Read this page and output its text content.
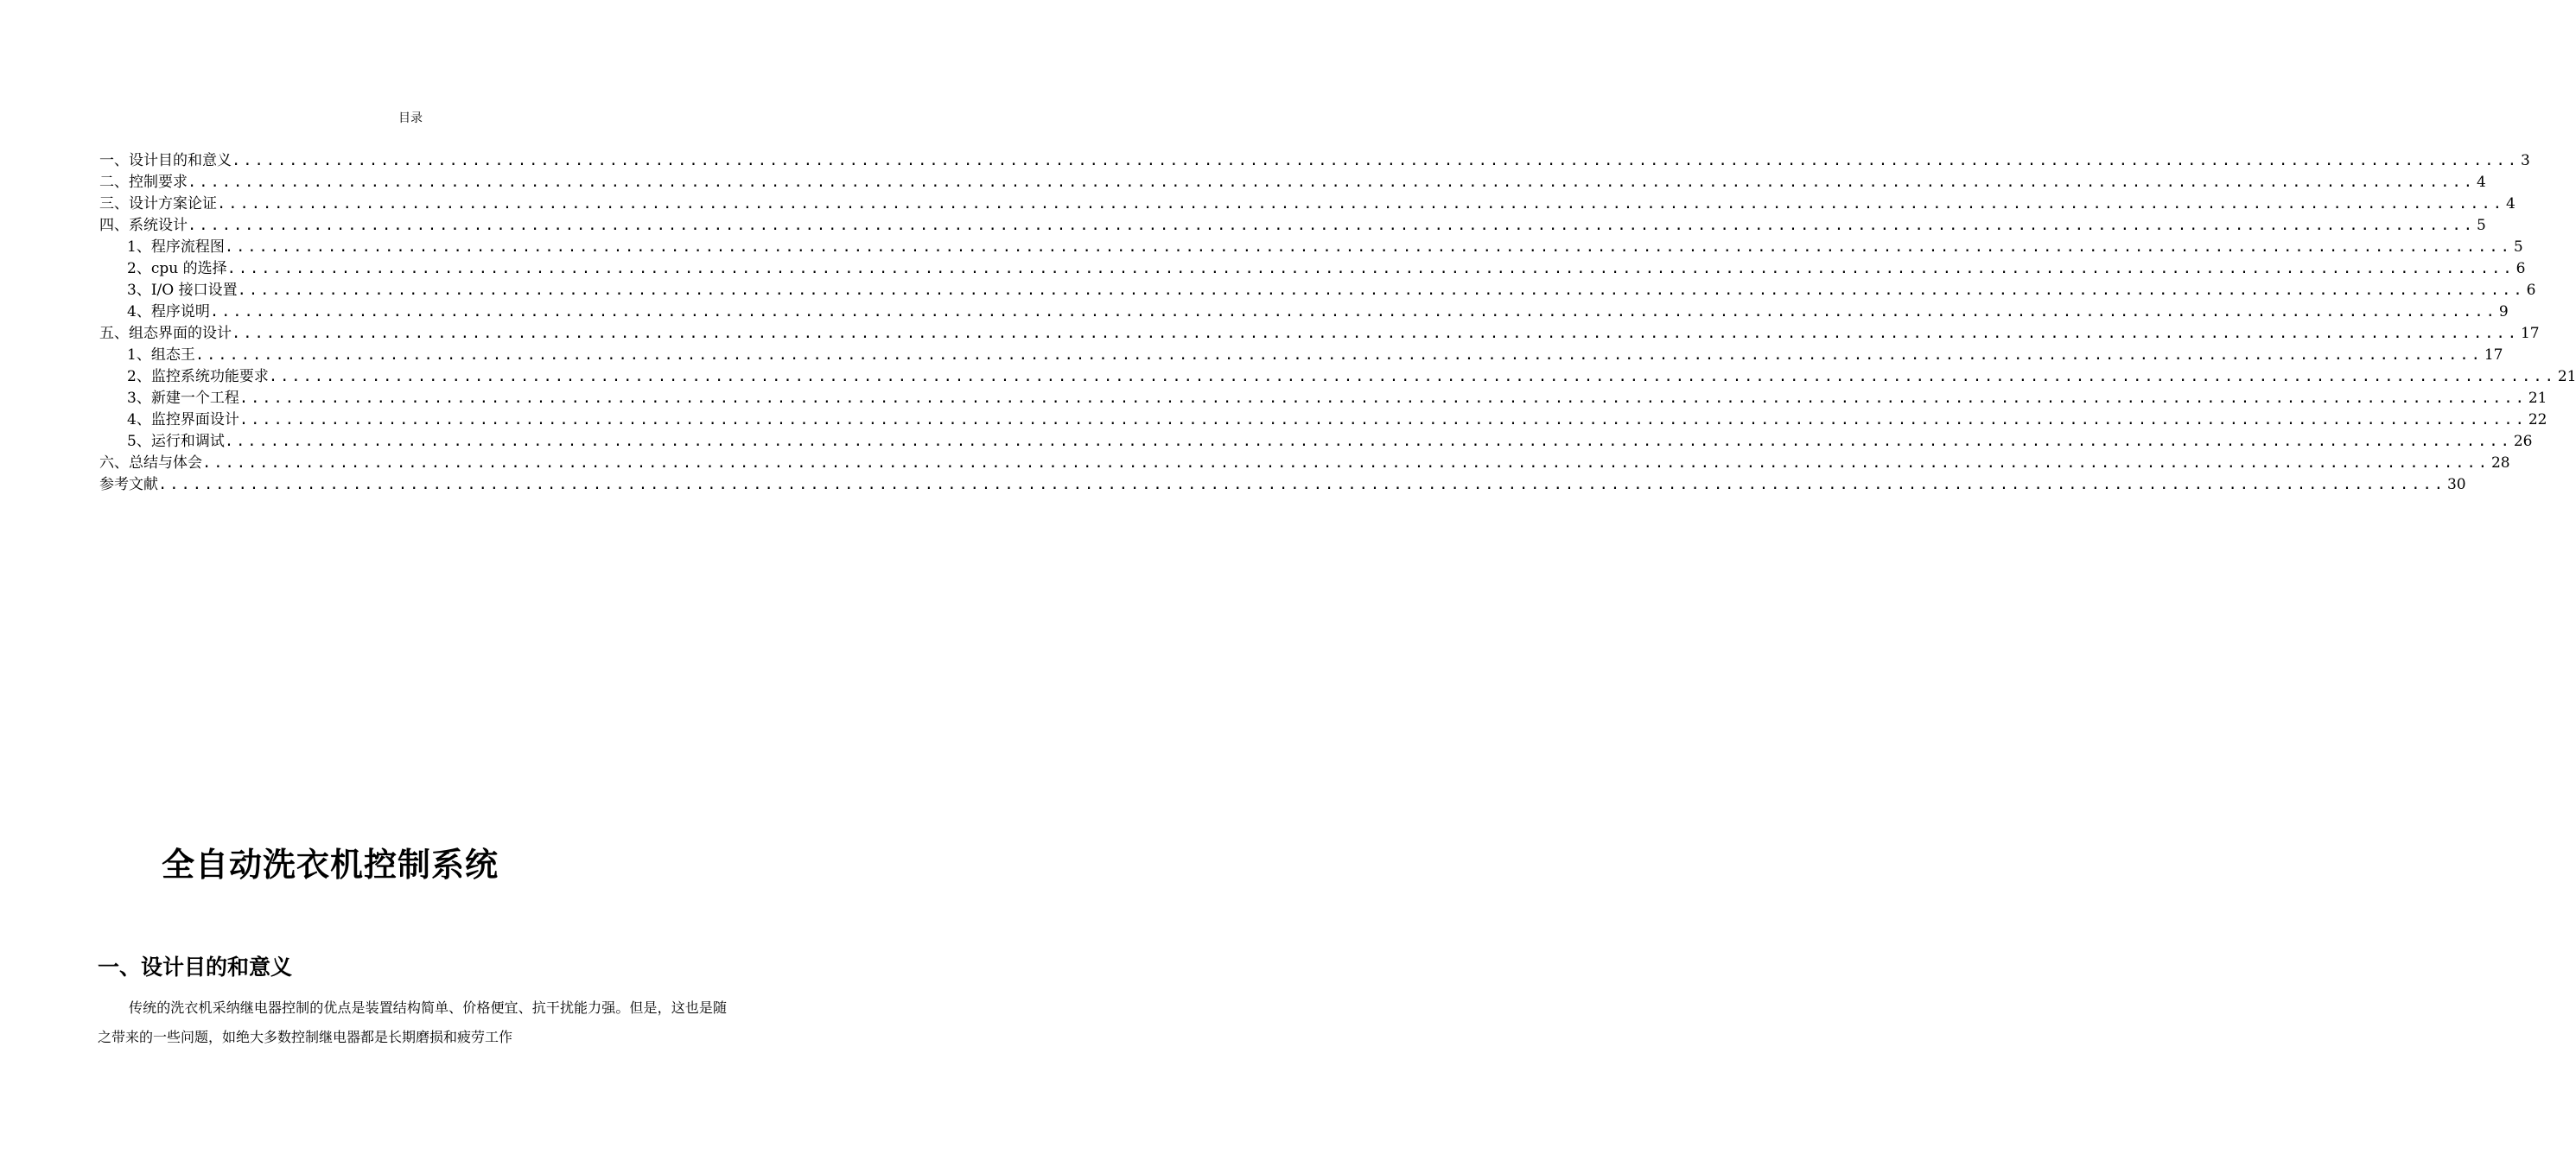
目录
一、设计目的和意义 ........................................................................................................................................................................................................ 3
二、控制要求 ........................................................................................................................................................................................................ 4
三、设计方案论证 ........................................................................................................................................................................................................ 4
四、系统设计 ........................................................................................................................................................................................................ 5
1、程序流程图 ........................................................................................................................................................................................................ 5
2、cpu 的选择 ........................................................................................................................................................................................................ 6
3、I/O 接口设置 ........................................................................................................................................................................................................ 6
4、程序说明 ........................................................................................................................................................................................................ 9
五、组态界面的设计 ........................................................................................................................................................................................................ 17
1、组态王 ........................................................................................................................................................................................................ 17
2、监控系统功能要求 ........................................................................................................................................................................................................ 21
3、新建一个工程 ........................................................................................................................................................................................................ 21
4、监控界面设计 ........................................................................................................................................................................................................ 22
5、运行和调试 ........................................................................................................................................................................................................ 26
六、总结与体会 ........................................................................................................................................................................................................ 28
参考文献 ........................................................................................................................................................................................................ 30
全自动洗衣机控制系统
一、设计目的和意义
传统的洗衣机采纳继电器控制的优点是装置结构简单、价格便宜、抗干扰能力强。但是，这也是随之带来的一些问题，如绝大多数控制继电器都是长期磨损和疲劳工作
